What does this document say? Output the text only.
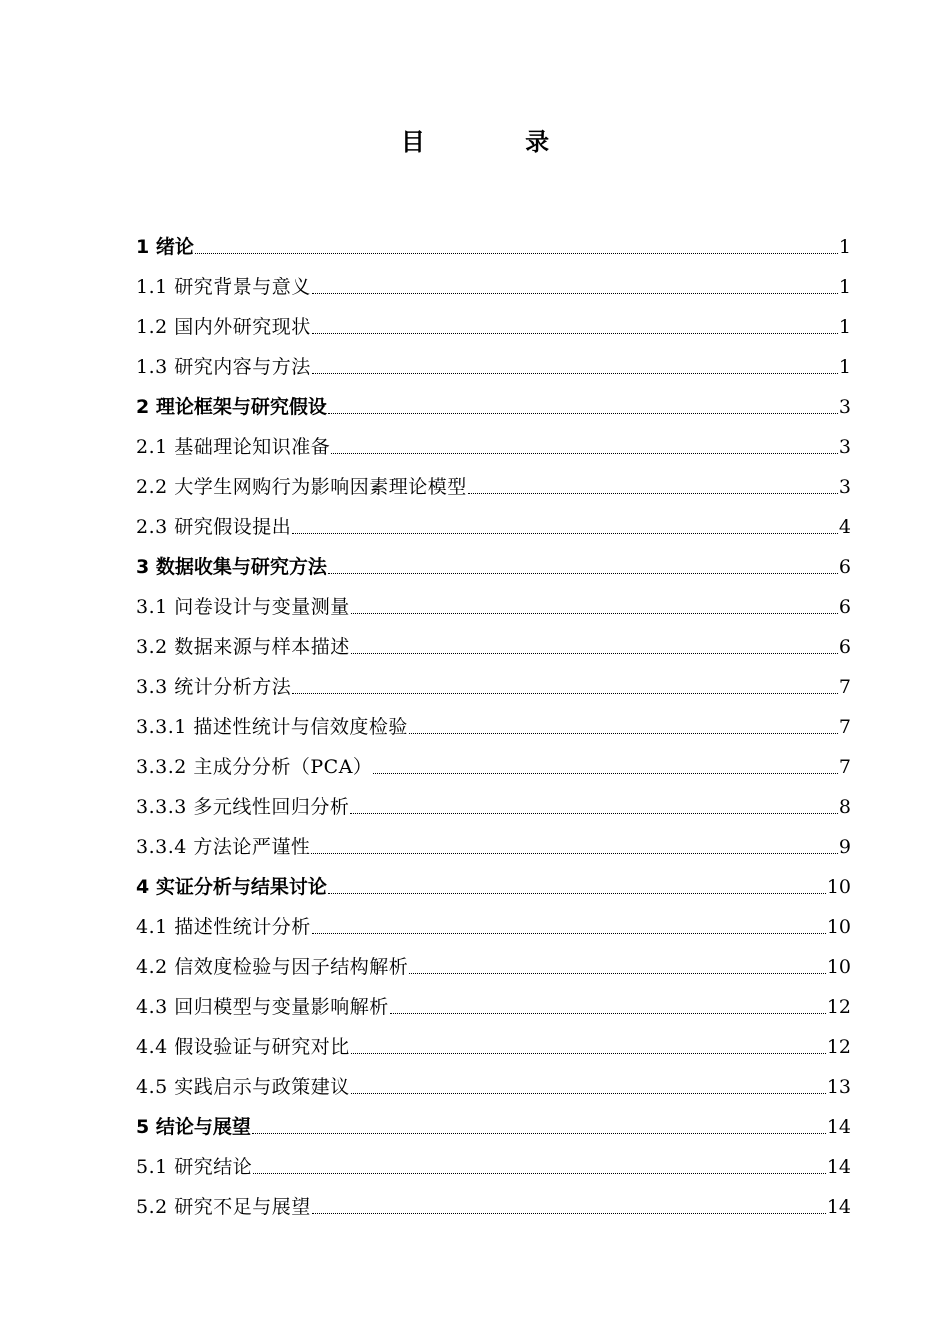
目 录
1 绪论	1
1.1 研究背景与意义	1
1.2 国内外研究现状	1
1.3 研究内容与方法	1
2 理论框架与研究假设	3
2.1 基础理论知识准备	3
2.2 大学生网购行为影响因素理论模型	3
2.3 研究假设提出	4
3 数据收集与研究方法	6
3.1 问卷设计与变量测量	6
3.2 数据来源与样本描述	6
3.3 统计分析方法	7
3.3.1 描述性统计与信效度检验	7
3.3.2 主成分分析（PCA）	7
3.3.3 多元线性回归分析	8
3.3.4 方法论严谨性	9
4 实证分析与结果讨论	10
4.1 描述性统计分析	10
4.2 信效度检验与因子结构解析	10
4.3 回归模型与变量影响解析	12
4.4 假设验证与研究对比	12
4.5 实践启示与政策建议	13
5 结论与展望	14
5.1 研究结论	14
5.2 研究不足与展望	14
